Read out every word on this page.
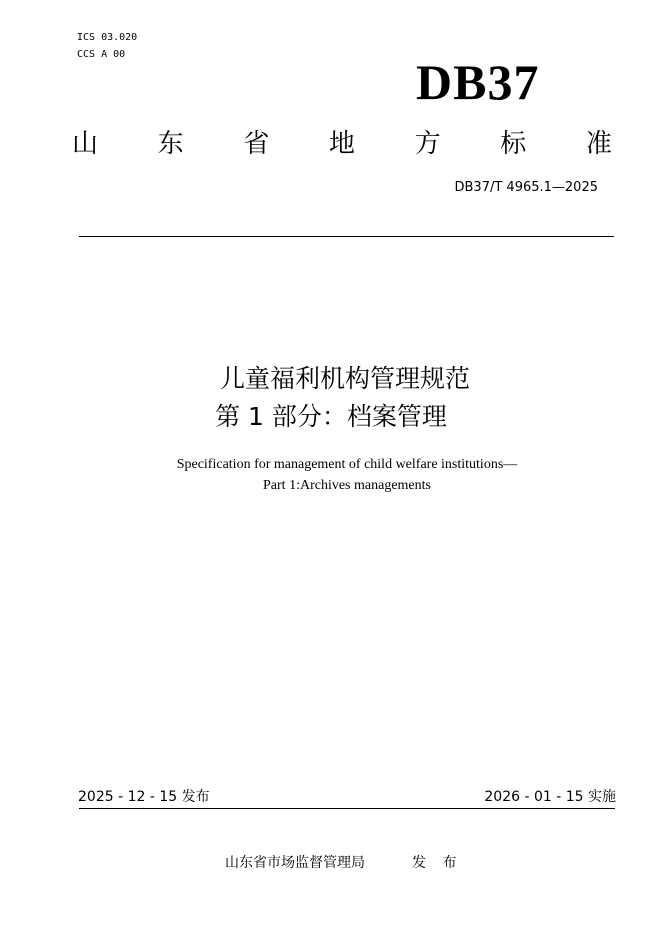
ICS 03.020
CCS A 00	DB37
山 东 省 地 方 标 准
DB37/T 4965.1—2025
儿童福利机构管理规范
第 1 部分：档案管理
Specification for management of child welfare institutions—
Part 1:Archives managements
2025 - 12 - 15 发布	2026 - 01 - 15 实施
山东省市场监督管理局	发 布
